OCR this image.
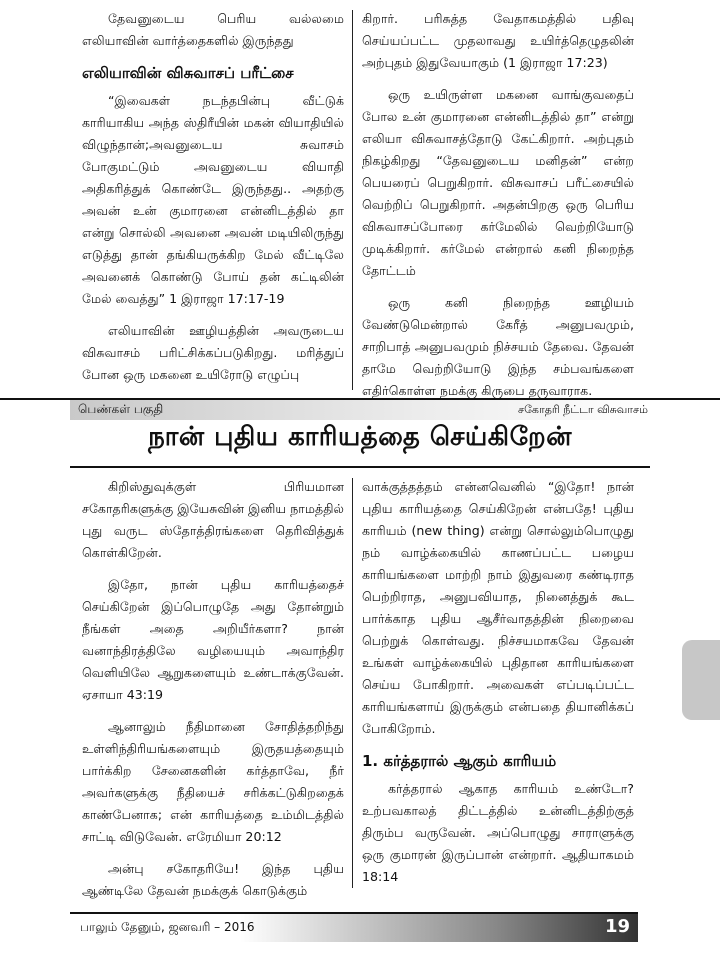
தேவனுடைய பெரிய வல்லமை எலியாவின் வார்த்தைகளில் இருந்தது

எலியாவின் விசுவாசப் பரீட்சை

“இவைகள் நடந்தபின்பு வீட்டுக் காரியாகிய அந்த ஸ்திரீயின் மகன் வியாதியில் விழுந்தான்;அவனுடைய சுவாசம் போகுமட்டும் அவனுடைய வியாதி அதிகரித்துக் கொண்டே இருந்தது.. அதற்கு அவன் உன் குமாரனை என்னிடத்தில் தா என்று சொல்லி அவனை அவன் மடியிலிருந்து எடுத்து தான் தங்கியருக்கிற மேல் வீட்டிலே அவனைக் கொண்டு போய் தன் கட்டிலின் மேல் வைத்து” 1 இராஜா 17:17-19

எலியாவின் ஊழியத்தின் அவருடைய விசுவாசம் பரிட்சிக்கப்படுகிறது. மரித்துப் போன ஒரு மகனை உயிரோடு எழுப்பு

கிறார். பரிசுத்த வேதாகமத்தில் பதிவு செய்யப்பட்ட முதலாவது உயிர்த்தெழுதலின் அற்புதம் இதுவேயாகும் (1 இராஜா 17:23)

ஒரு உயிருள்ள மகனை வாங்குவதைப் போல உன் குமாரனை என்னிடத்தில் தா” என்று எலியா விசுவாசத்தோடு கேட்கிறார். அற்புதம் நிகழ்கிறது “தேவனுடைய மனிதன்” என்ற பெயரைப் பெறுகிறார். விசுவாசப் பரீட்சையில் வெற்றிப் பெறுகிறார். அதன்பிறகு ஒரு பெரிய விசுவாசப்போரை கர்மேலில் வெற்றியோடு முடிக்கிறார். கர்மேல் என்றால் கனி நிறைந்த தோட்டம்

ஒரு கனி நிறைந்த ஊழியம் வேண்டுமென்றால் கேரீத் அனுபவமும், சாறிபாத் அனுபவமும் நிச்சயம் தேவை. தேவன் தாமே வெற்றியோடு இந்த சம்பவங்களை எதிர்கொள்ள நமக்கு கிருபை தருவாராக.

பெண்கள் பகுதி	சகோதரி நீட்டா விசுவாசம்
நான் புதிய காரியத்தை செய்கிறேன்

கிறிஸ்துவுக்குள் பிரியமான சகோதரிகளுக்கு இயேசுவின் இனிய நாமத்தில் புது வருட ஸ்தோத்திரங்களை தெரிவித்துக் கொள்கிறேன்.

இதோ, நான் புதிய காரியத்தைச் செய்கிறேன் இப்பொழுதே அது தோன்றும் நீங்கள் அதை அறியீர்களா? நான் வனாந்திரத்திலே வழியையும் அவாந்திர வெளியிலே ஆறுகளையும் உண்டாக்குவேன். ஏசாயா 43:19

ஆனாலும் நீதிமானை சோதித்தறிந்து உள்ளிந்திரியங்களையும் இருதயத்தையும் பார்க்கிற சேனைகளின் கர்த்தாவே, நீர் அவர்களுக்கு நீதியைச் சரிக்கட்டுகிறதைக் காண்பேனாக; என் காரியத்தை உம்மிடத்தில் சாட்டி விடுவேன். எரேமியா 20:12

அன்பு சகோதரியே! இந்த புதிய ஆண்டிலே தேவன் நமக்குக் கொடுக்கும்

வாக்குத்தத்தம் என்னவெனில் “இதோ! நான் புதிய காரியத்தை செய்கிறேன் என்பதே! புதிய காரியம் (new thing) என்று சொல்லும்பொழுது நம் வாழ்க்கையில் காணப்பட்ட பழைய காரியங்களை மாற்றி நாம் இதுவரை கண்டிராத பெற்றிராத, அனுபவியாத, நினைத்துக் கூட பார்க்காத புதிய ஆசீர்வாதத்தின் நிறைவை பெற்றுக் கொள்வது. நிச்சயமாகவே தேவன் உங்கள் வாழ்க்கையில் புதிதான காரியங்களை செய்ய போகிறார். அவைகள் எப்படிப்பட்ட காரியங்களாய் இருக்கும் என்பதை தியானிக்கப் போகிறோம்.

1. கர்த்தரால் ஆகும் காரியம்

கர்த்தரால் ஆகாத காரியம் உண்டோ? உற்பவகாலத் திட்டத்தில் உன்னிடத்திற்குத் திரும்ப வருவேன். அப்பொழுது சாராளுக்கு ஒரு குமாரன் இருப்பான் என்றார். ஆதியாகமம் 18:14

பாலும் தேனும், ஜனவரி – 2016	19
